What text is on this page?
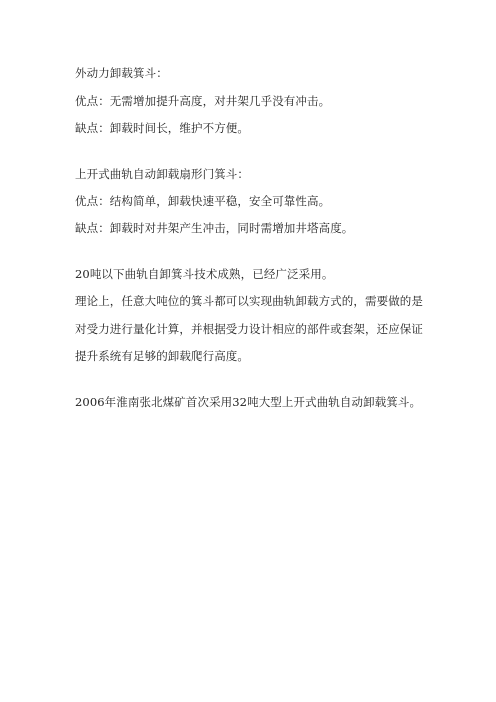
外动力卸载箕斗：

优点：无需增加提升高度，对井架几乎没有冲击。

缺点：卸载时间长，维护不方便。

上开式曲轨自动卸载扇形门箕斗：

优点：结构简单，卸载快速平稳，安全可靠性高。

缺点：卸载时对井架产生冲击，同时需增加井塔高度。

20吨以下曲轨自卸箕斗技术成熟，已经广泛采用。

理论上，任意大吨位的箕斗都可以实现曲轨卸载方式的，需要做的是

对受力进行量化计算，并根据受力设计相应的部件或套架，还应保证

提升系统有足够的卸载爬行高度。

2006年淮南张北煤矿首次采用32吨大型上开式曲轨自动卸载箕斗。
